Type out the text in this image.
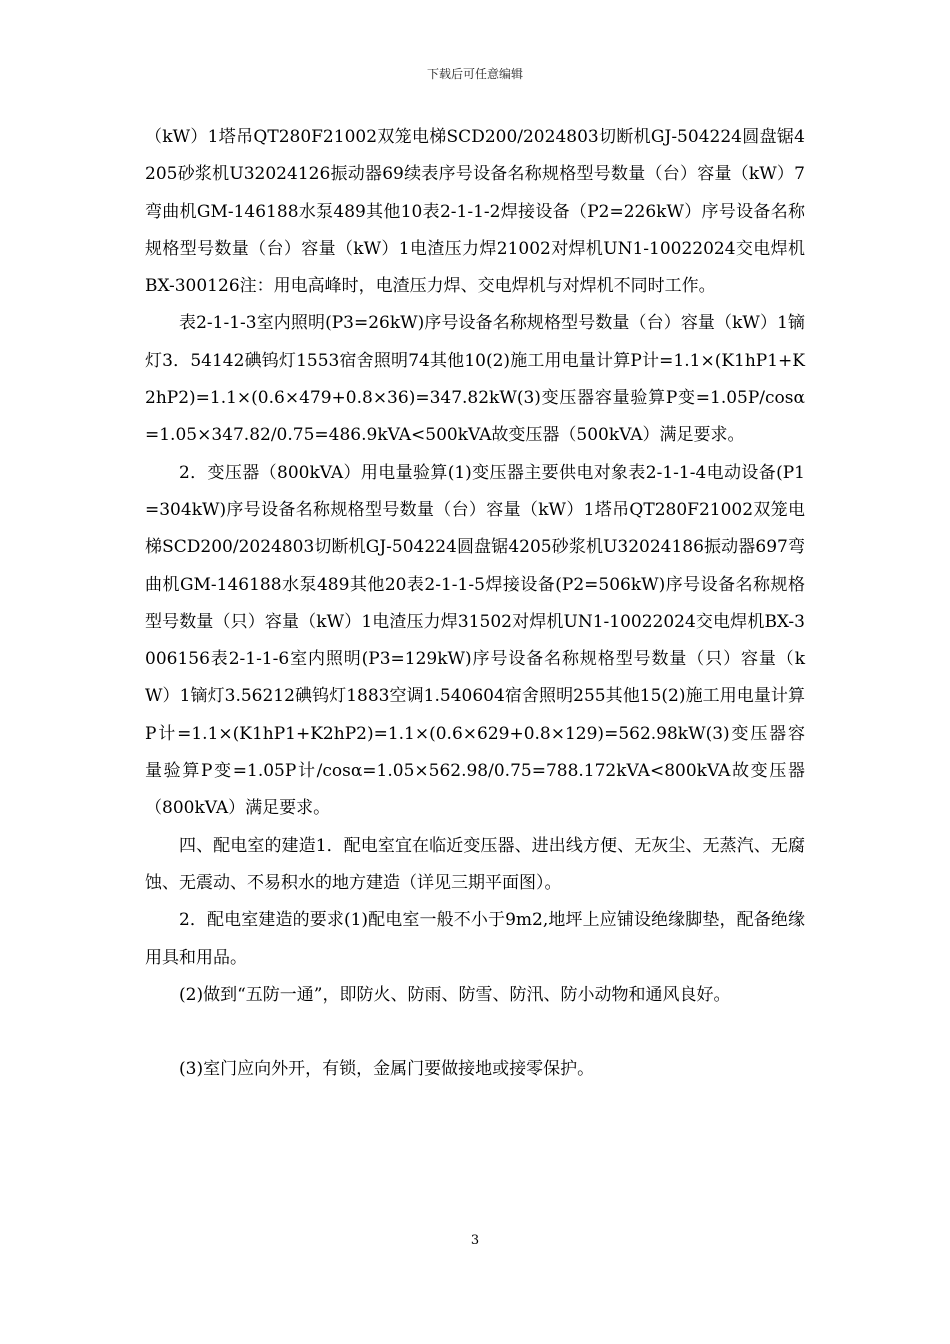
下载后可任意编辑

（kW）1塔吊QT280F21002双笼电梯SCD200/2024803切断机GJ-504224圆盘锯4205砂浆机U32024126振动器69续表序号设备名称规格型号数量（台）容量（kW）7弯曲机GM-146188水泵489其他10表2-1-1-2焊接设备（P2=226kW）序号设备名称规格型号数量（台）容量（kW）1电渣压力焊21002对焊机UN1-10022024交电焊机BX-300126注：用电高峰时，电渣压力焊、交电焊机与对焊机不同时工作。

表2-1-1-3室内照明(P3=26kW)序号设备名称规格型号数量（台）容量（kW）1镝灯3．54142碘钨灯1553宿舍照明74其他10(2)施工用电量计算P计=1.1×(K1hP1+K2hP2)=1.1×(0.6×479+0.8×36)=347.82kW(3)变压器容量验算P变=1.05P/cosα=1.05×347.82/0.75=486.9kVA<500kVA故变压器（500kVA）满足要求。

2．变压器（800kVA）用电量验算(1)变压器主要供电对象表2-1-1-4电动设备(P1=304kW)序号设备名称规格型号数量（台）容量（kW）1塔吊QT280F21002双笼电梯SCD200/2024803切断机GJ-504224圆盘锯4205砂浆机U32024186振动器697弯曲机GM-146188水泵489其他20表2-1-1-5焊接设备(P2=506kW)序号设备名称规格型号数量（只）容量（kW）1电渣压力焊31502对焊机UN1-10022024交电焊机BX-3006156表2-1-1-6室内照明(P3=129kW)序号设备名称规格型号数量（只）容量（kW）1镝灯3.56212碘钨灯1883空调1.540604宿舍照明255其他15(2)施工用电量计算P计=1.1×(K1hP1+K2hP2)=1.1×(0.6×629+0.8×129)=562.98kW(3)变压器容量验算P变=1.05P计/cosα=1.05×562.98/0.75=788.172kVA<800kVA故变压器（800kVA）满足要求。

四、配电室的建造1．配电室宜在临近变压器、进出线方便、无灰尘、无蒸汽、无腐蚀、无震动、不易积水的地方建造（详见三期平面图）。

2．配电室建造的要求(1)配电室一般不小于9m2,地坪上应铺设绝缘脚垫，配备绝缘用具和用品。

(2)做到“五防一通”，即防火、防雨、防雪、防汛、防小动物和通风良好。

(3)室门应向外开，有锁，金属门要做接地或接零保护。

3
